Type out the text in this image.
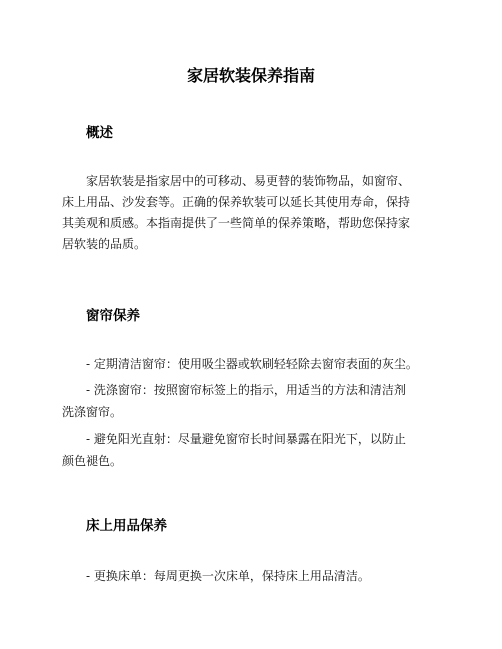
家居软装保养指南
概述
家居软装是指家居中的可移动、易更替的装饰物品，如窗帘、
床上用品、沙发套等。正确的保养软装可以延长其使用寿命，保持
其美观和质感。本指南提供了一些简单的保养策略，帮助您保持家
居软装的品质。
窗帘保养
- 定期清洁窗帘：使用吸尘器或软刷轻轻除去窗帘表面的灰尘。
- 洗涤窗帘：按照窗帘标签上的指示，用适当的方法和清洁剂
洗涤窗帘。
- 避免阳光直射：尽量避免窗帘长时间暴露在阳光下，以防止
颜色褪色。
床上用品保养
- 更换床单：每周更换一次床单，保持床上用品清洁。
